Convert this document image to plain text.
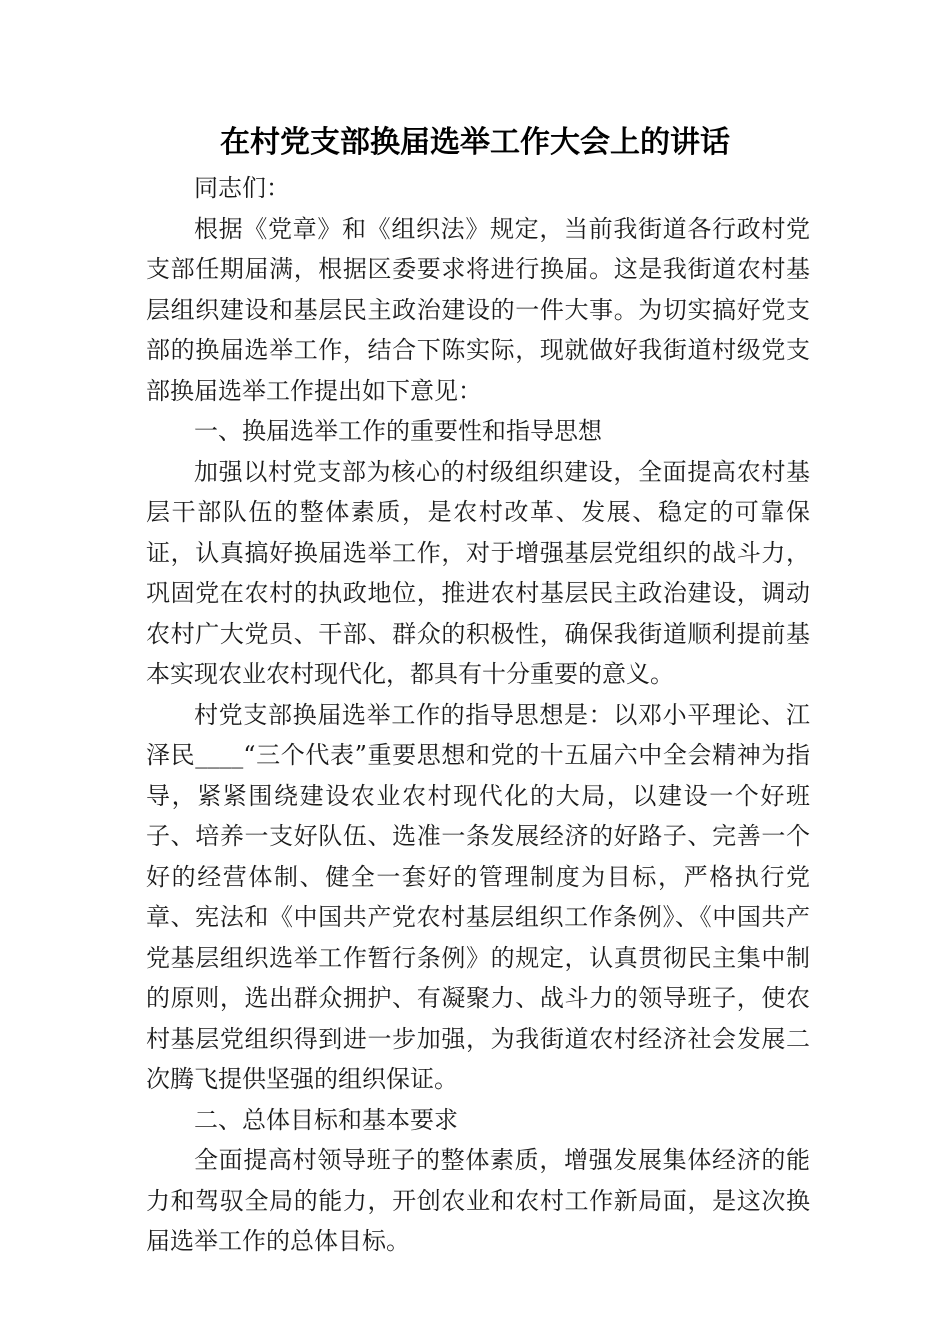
在村党支部换届选举工作大会上的讲话

同志们：

根据《党章》和《组织法》规定，当前我街道各行政村党支部任期届满，根据区委要求将进行换届。这是我街道农村基层组织建设和基层民主政治建设的一件大事。为切实搞好党支部的换届选举工作，结合下陈实际，现就做好我街道村级党支部换届选举工作提出如下意见：

一、换届选举工作的重要性和指导思想

加强以村党支部为核心的村级组织建设，全面提高农村基层干部队伍的整体素质，是农村改革、发展、稳定的可靠保证，认真搞好换届选举工作，对于增强基层党组织的战斗力，巩固党在农村的执政地位，推进农村基层民主政治建设，调动农村广大党员、干部、群众的积极性，确保我街道顺利提前基本实现农业农村现代化，都具有十分重要的意义。

村党支部换届选举工作的指导思想是：以邓小平理论、江泽民____“三个代表”重要思想和党的十五届六中全会精神为指导，紧紧围绕建设农业农村现代化的大局，以建设一个好班子、培养一支好队伍、选准一条发展经济的好路子、完善一个好的经营体制、健全一套好的管理制度为目标，严格执行党章、宪法和《中国共产党农村基层组织工作条例》、《中国共产党基层组织选举工作暂行条例》的规定，认真贯彻民主集中制的原则，选出群众拥护、有凝聚力、战斗力的领导班子，使农村基层党组织得到进一步加强，为我街道农村经济社会发展二次腾飞提供坚强的组织保证。

二、总体目标和基本要求

全面提高村领导班子的整体素质，增强发展集体经济的能力和驾驭全局的能力，开创农业和农村工作新局面，是这次换届选举工作的总体目标。
